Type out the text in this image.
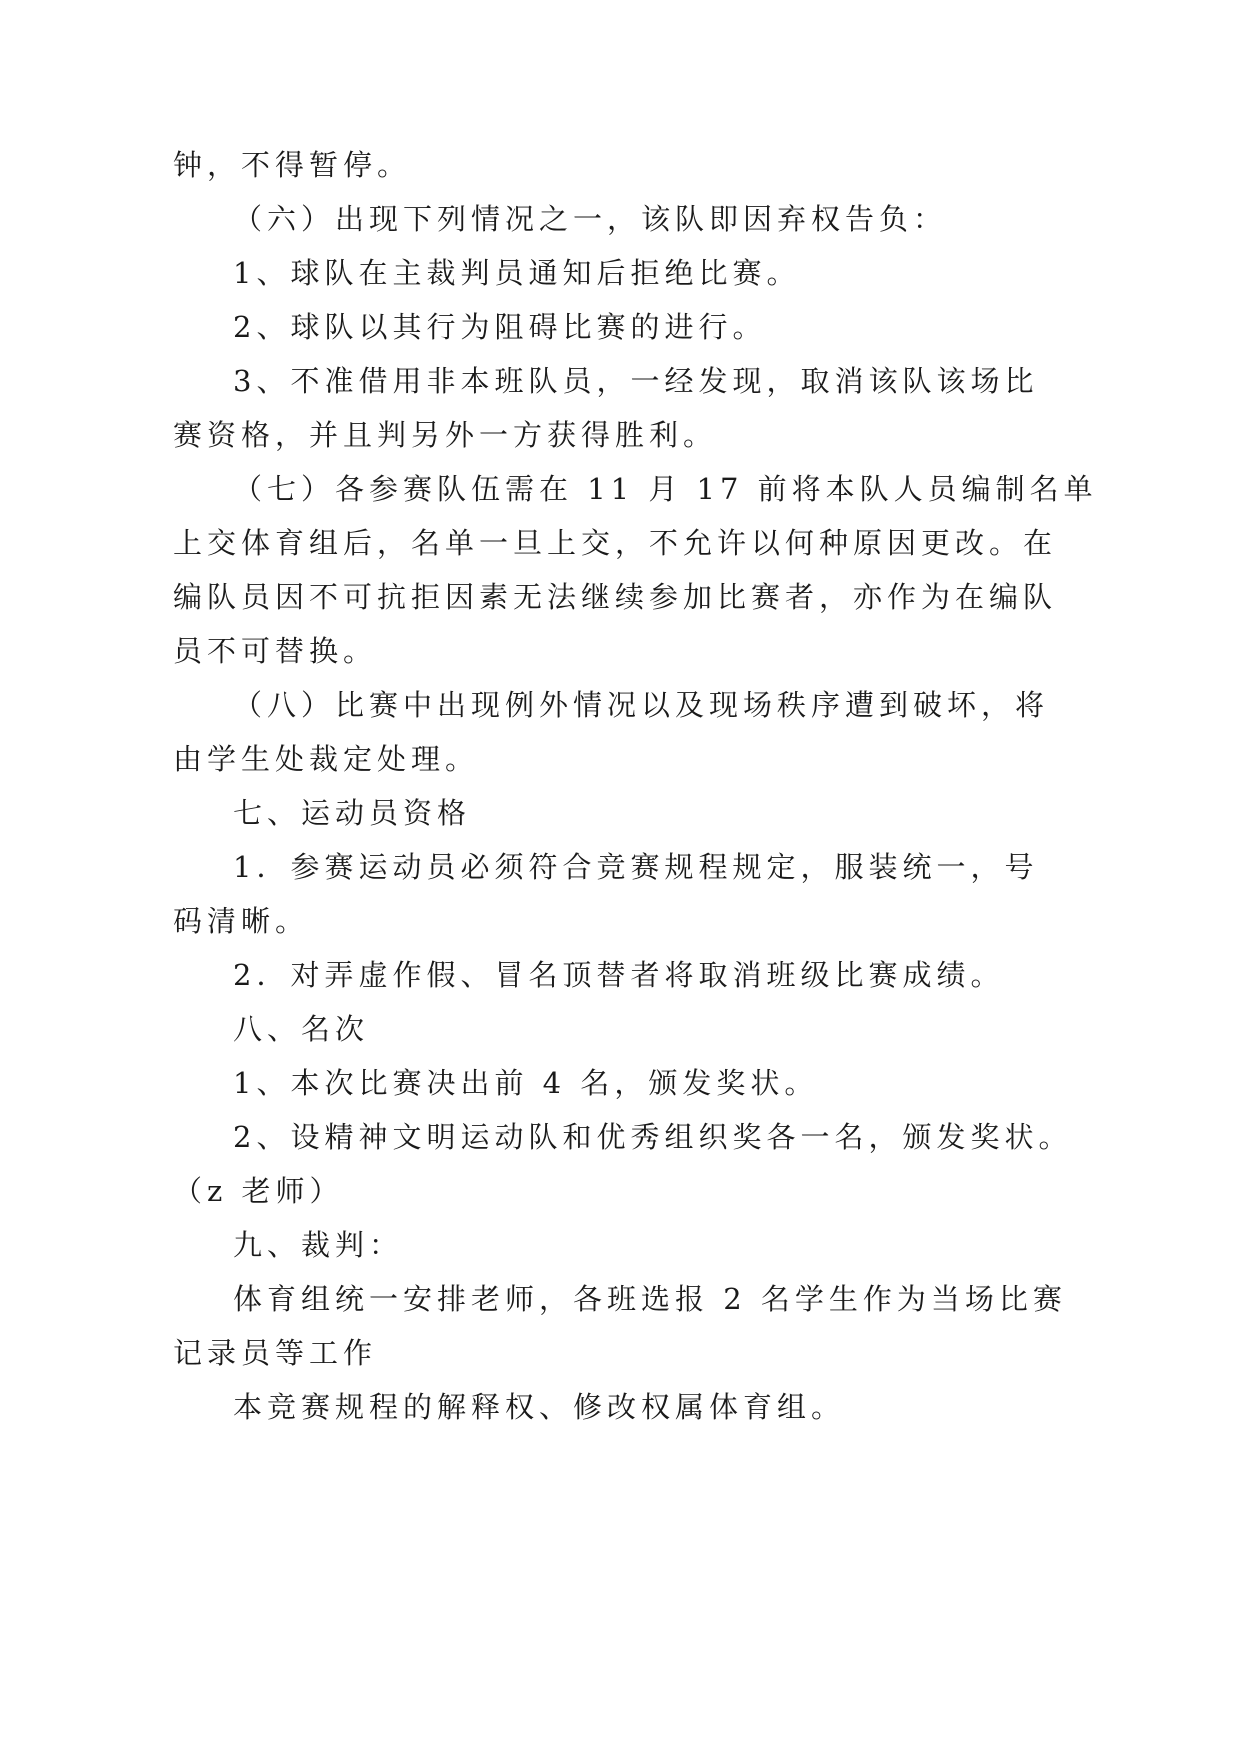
钟，不得暂停。
（六）出现下列情况之一，该队即因弃权告负：
1、球队在主裁判员通知后拒绝比赛。
2、球队以其行为阻碍比赛的进行。
3、不准借用非本班队员，一经发现，取消该队该场比
赛资格，并且判另外一方获得胜利。
（七）各参赛队伍需在 11 月 17 前将本队人员编制名单
上交体育组后，名单一旦上交，不允许以何种原因更改。在
编队员因不可抗拒因素无法继续参加比赛者，亦作为在编队
员不可替换。
（八）比赛中出现例外情况以及现场秩序遭到破坏，将
由学生处裁定处理。
七、运动员资格
1．参赛运动员必须符合竞赛规程规定，服装统一，号
码清晰。
2．对弄虚作假、冒名顶替者将取消班级比赛成绩。
八、名次
1、本次比赛决出前 4 名，颁发奖状。
2、设精神文明运动队和优秀组织奖各一名，颁发奖状。
（z 老师）
九、裁判：
体育组统一安排老师，各班选报 2 名学生作为当场比赛
记录员等工作
本竞赛规程的解释权、修改权属体育组。
